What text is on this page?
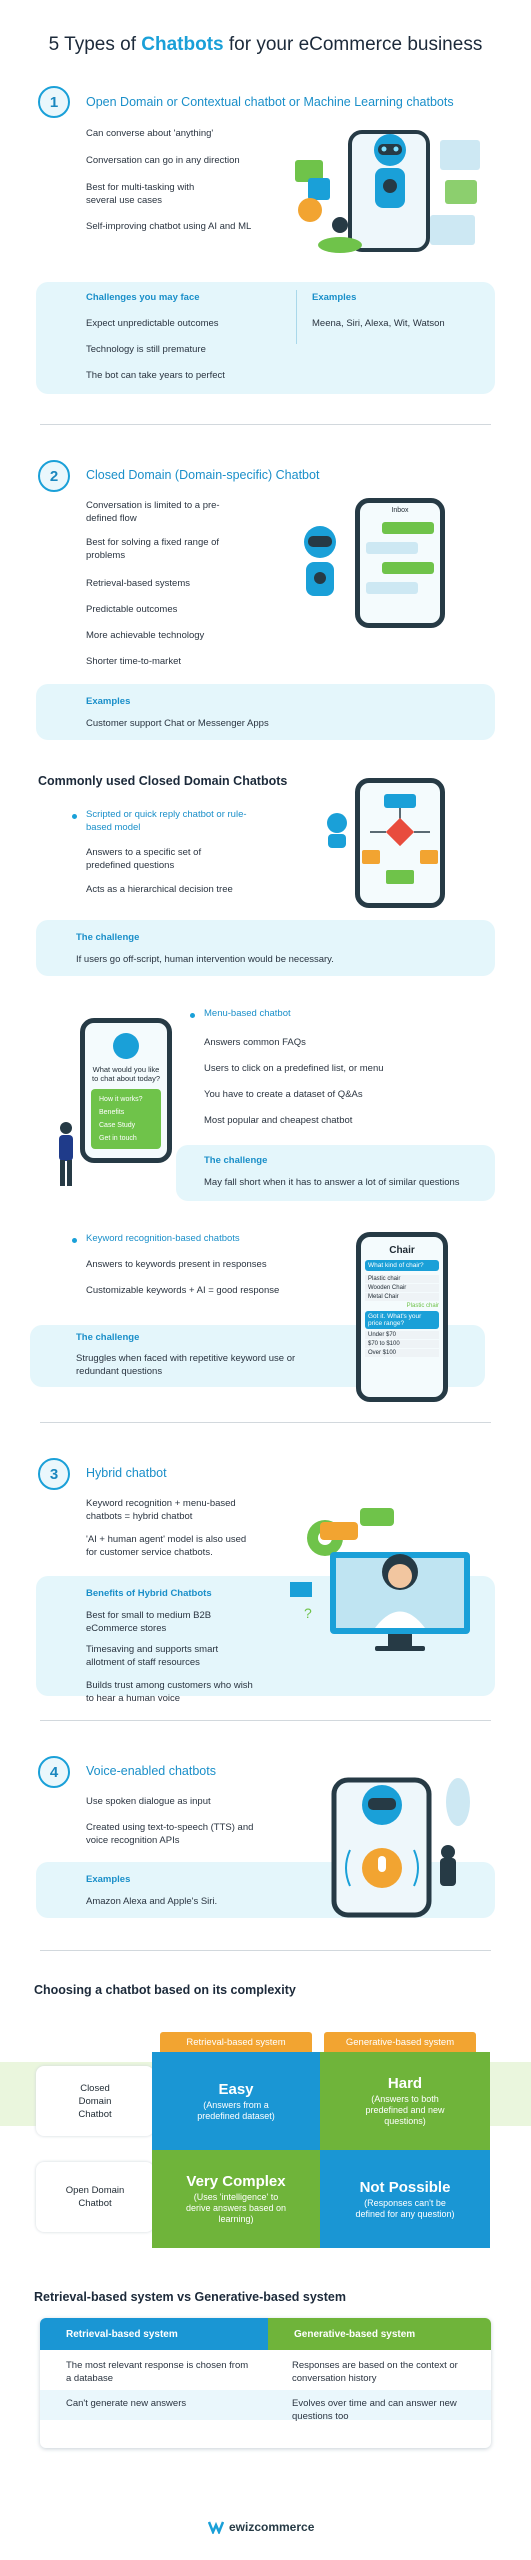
5 Types of Chatbots for your eCommerce business
1 Open Domain or Contextual chatbot or Machine Learning chatbots
Can converse about 'anything'
Conversation can go in any direction
Best for multi-tasking with several use cases
Self-improving chatbot using AI and ML
Challenges you may face
Expect unpredictable outcomes
Technology is still premature
The bot can take years to perfect
Examples
Meena, Siri, Alexa, Wit, Watson
2 Closed Domain (Domain-specific) Chatbot
Conversation is limited to a pre-defined flow
Best for solving a fixed range of problems
Retrieval-based systems
Predictable outcomes
More achievable technology
Shorter time-to-market
Inbox
Examples
Customer support Chat or Messenger Apps
Commonly used Closed Domain Chatbots
Scripted or quick reply chatbot or rule-based model
Answers to a specific set of predefined questions
Acts as a hierarchical decision tree
The challenge
If users go off-script, human intervention would be necessary.
What would you like to chat about today?
How it works?
Benefits
Case Study
Get in touch
Menu-based chatbot
Answers common FAQs
Users to click on a predefined list, or menu
You have to create a dataset of Q&As
Most popular and cheapest chatbot
The challenge
May fall short when it has to answer a lot of similar questions
Keyword recognition-based chatbots
Answers to keywords present in responses
Customizable keywords + AI = good response
The challenge
Struggles when faced with repetitive keyword use or redundant questions
Chair
What kind of chair?
Plastic chair
Wooden Chair
Metal Chair
Plastic chair
Got it. What's your price range?
Under $70
$70 to $100
Over $100
3 Hybrid chatbot
Keyword recognition + menu-based chatbots = hybrid chatbot
'AI + human agent' model is also used for customer service chatbots.
Benefits of Hybrid Chatbots
Best for small to medium B2B eCommerce stores
Timesaving and supports smart allotment of staff resources
Builds trust among customers who wish to hear a human voice
?
4 Voice-enabled chatbots
Use spoken dialogue as input
Created using text-to-speech (TTS) and voice recognition APIs
Examples
Amazon Alexa and Apple's Siri.
Choosing a chatbot based on its complexity
Retrieval-based system	Generative-based system
Closed Domain Chatbot
Open Domain Chatbot
Easy
(Answers from a predefined dataset)
Hard
(Answers to both predefined and new questions)
Very Complex
(Uses 'intelligence' to derive answers based on learning)
Not Possible
(Responses can't be defined for any question)
Retrieval-based system vs Generative-based system
Retrieval-based system	Generative-based system
The most relevant response is chosen from a database
Can't generate new answers
Responses are based on the context or conversation history
Evolves over time and can answer new questions too
ewizcommerce
